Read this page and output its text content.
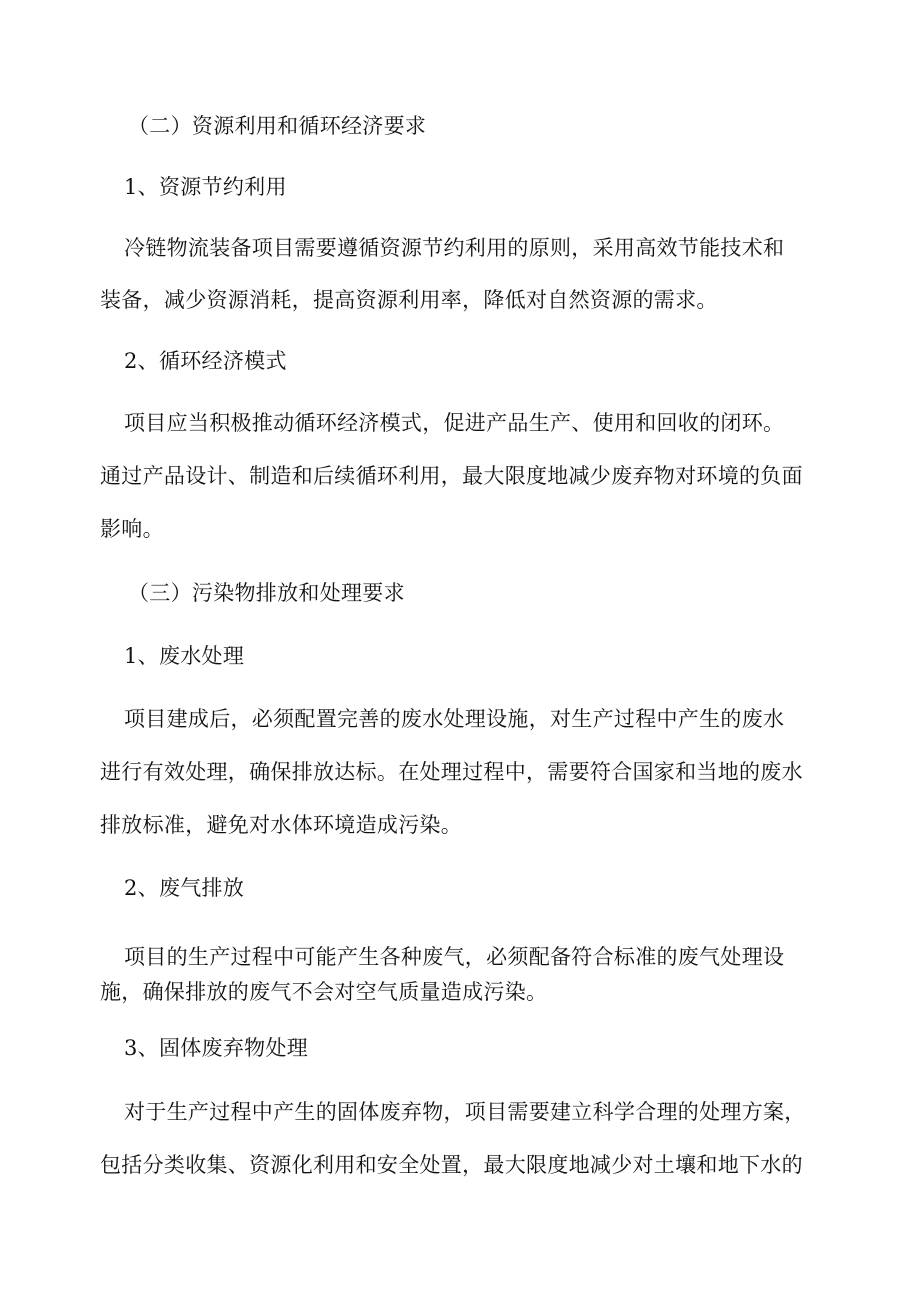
（二）资源利用和循环经济要求
1、资源节约利用
冷链物流装备项目需要遵循资源节约利用的原则，采用高效节能技术和
装备，减少资源消耗，提高资源利用率，降低对自然资源的需求。
2、循环经济模式
项目应当积极推动循环经济模式，促进产品生产、使用和回收的闭环。
通过产品设计、制造和后续循环利用，最大限度地减少废弃物对环境的负面
影响。
（三）污染物排放和处理要求
1、废水处理
项目建成后，必须配置完善的废水处理设施，对生产过程中产生的废水
进行有效处理，确保排放达标。在处理过程中，需要符合国家和当地的废水
排放标准，避免对水体环境造成污染。
2、废气排放
项目的生产过程中可能产生各种废气，必须配备符合标准的废气处理设
施，确保排放的废气不会对空气质量造成污染。
3、固体废弃物处理
对于生产过程中产生的固体废弃物，项目需要建立科学合理的处理方案，
包括分类收集、资源化利用和安全处置，最大限度地减少对土壤和地下水的
